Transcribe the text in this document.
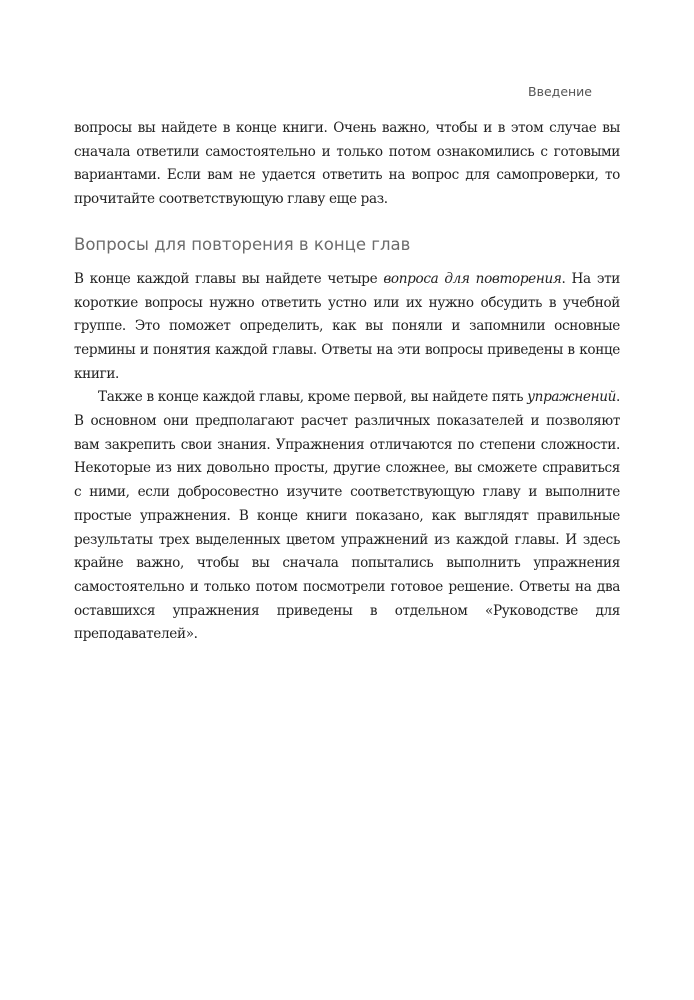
Введение

вопросы вы найдете в конце книги. Очень важно, чтобы и в этом случае вы сначала ответили самостоятельно и только потом ознакомились с готовыми вариантами. Если вам не удается ответить на вопрос для самопроверки, то прочитайте соответствующую главу еще раз.

Вопросы для повторения в конце глав

В конце каждой главы вы найдете четыре вопроса для повторения. На эти короткие вопросы нужно ответить устно или их нужно обсудить в учебной группе. Это поможет определить, как вы поняли и запомнили основные термины и понятия каждой главы. Ответы на эти вопросы приведены в конце книги.

Также в конце каждой главы, кроме первой, вы найдете пять упражнений. В основном они предполагают расчет различных показателей и позволяют вам закрепить свои знания. Упражнения отличаются по степени сложности. Некоторые из них довольно просты, другие сложнее, вы сможете справиться с ними, если добросовестно изучите соответствующую главу и выполните простые упражнения. В конце книги показано, как выглядят правильные результаты трех выделенных цветом упражнений из каждой главы. И здесь крайне важно, чтобы вы сначала попытались выполнить упражнения самостоятельно и только потом посмотрели готовое решение. Ответы на два оставшихся упражнения приведены в отдельном «Руководстве для преподавателей».
